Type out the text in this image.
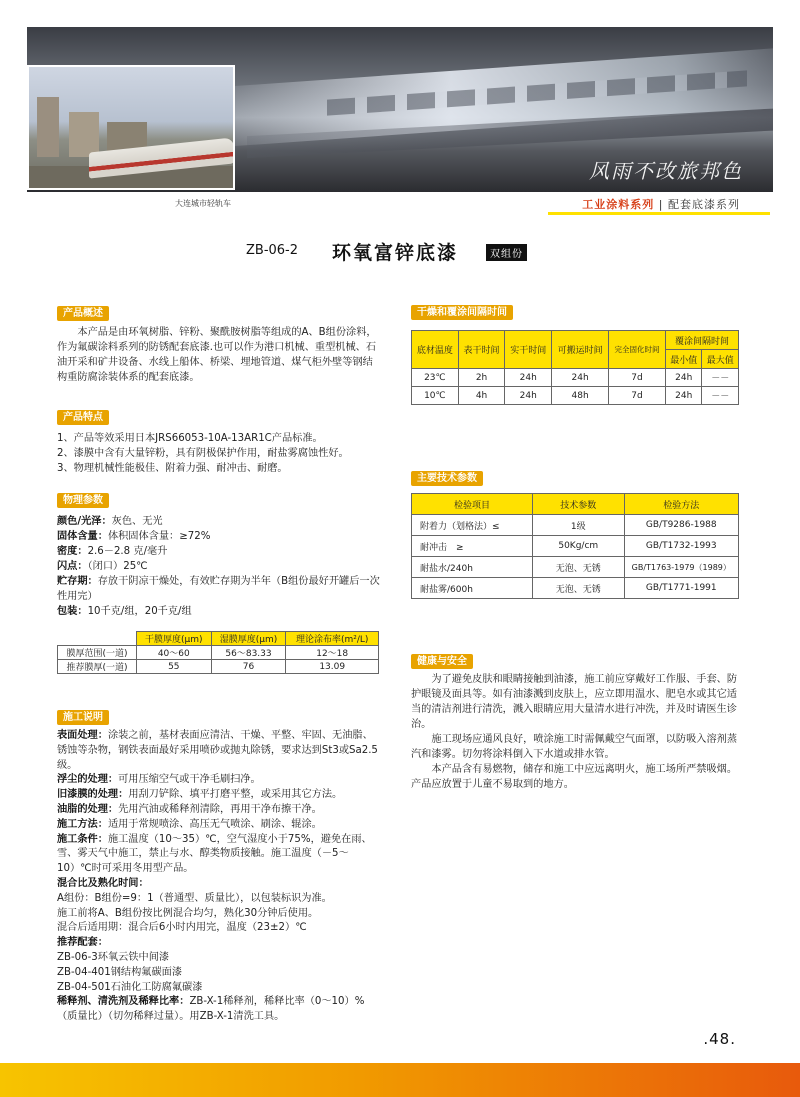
风雨不改旅邦色
大连城市轻轨车	工业涂料系列 | 配套底漆系列
ZB-06-2 环氧富锌底漆	双组份
产品概述
本产品是由环氧树脂、锌粉、聚酰胺树脂等组成的A、B组份涂料，作为氟碳涂料系列的防锈配套底漆.也可以作为港口机械、重型机械、石油开采和矿井设备、水线上船体、桥梁、埋地管道、煤气柜外壁等钢结构重防腐涂装体系的配套底漆。
产品特点
1、产品等效采用日本JRS66053-10A-13AR1C产品标准。
2、漆膜中含有大量锌粉，具有阴极保护作用，耐盐雾腐蚀性好。
3、物理机械性能极佳、附着力强、耐冲击、耐磨。
物理参数
颜色/光泽：灰色、无光
固体含量：体积固体含量：≥72%
密度：2.6－2.8 克/毫升
闪点：（闭口）25℃
贮存期：存放干阴凉干燥处，有效贮存期为半年（B组份最好开罐后一次性用完）
包装：10千克/组，20千克/组
	干膜厚度(μm)	湿膜厚度(μm)	理论涂布率(m²/L)
膜厚范围(一道)	40～60	56～83.33	12～18
推荐膜厚(一道)	55	76	13.09
施工说明
表面处理：涂装之前，基材表面应清洁、干燥、平整、牢固、无油脂、锈蚀等杂物，钢铁表面最好采用喷砂或抛丸除锈，要求达到St3或Sa2.5级。
浮尘的处理：可用压缩空气或干净毛刷扫净。
旧漆膜的处理：用刮刀铲除、填平打磨平整，或采用其它方法。
油脂的处理：先用汽油或稀释剂清除，再用干净布擦干净。
施工方法：适用于常规喷涂、高压无气喷涂、刷涂、辊涂。
施工条件：施工温度（10～35）℃，空气湿度小于75%，避免在雨、雪、雾天气中施工，禁止与水、醇类物质接触。施工温度（－5～10）℃时可采用冬用型产品。
混合比及熟化时间：
A组份：B组份=9：1（普通型、质量比），以包装标识为准。
施工前将A、B组份按比例混合均匀，熟化30分钟后使用。
混合后适用期：混合后6小时内用完，温度（23±2）℃
推荐配套：
ZB-06-3环氧云铁中间漆
ZB-04-401钢结构氟碳面漆
ZB-04-501石油化工防腐氟碳漆
稀释剂、清洗剂及稀释比率：ZB-X-1稀释剂，稀释比率（0～10）%（质量比）（切勿稀释过量）。用ZB-X-1清洗工具。
干燥和覆涂间隔时间
底材温度	表干时间	实干时间	可搬运时间	完全固化时间	覆涂间隔时间	
					最小值	最大值
23℃	2h	24h	24h	7d	24h	－－
10℃	4h	24h	48h	7d	24h	－－
主要技术参数
检验项目	技术参数	检验方法
附着力（划格法）≤	1级	GB/T9286-1988
耐冲击　≥	50Kg/cm	GB/T1732-1993
耐盐水/240h	无泡、无锈	GB/T1763-1979（1989）
耐盐雾/600h	无泡、无锈	GB/T1771-1991
健康与安全
为了避免皮肤和眼睛接触到油漆，施工前应穿戴好工作服、手套、防护眼镜及面具等。如有油漆溅到皮肤上，应立即用温水、肥皂水或其它适当的清洁剂进行清洗，溅入眼睛应用大量清水进行冲洗，并及时请医生诊治。
施工现场应通风良好，喷涂施工时需佩戴空气面罩，以防吸入溶剂蒸汽和漆雾。切勿将涂料倒入下水道或排水管。
本产品含有易燃物，储存和施工中应远离明火，施工场所严禁吸烟。产品应放置于儿童不易取到的地方。
.48.
